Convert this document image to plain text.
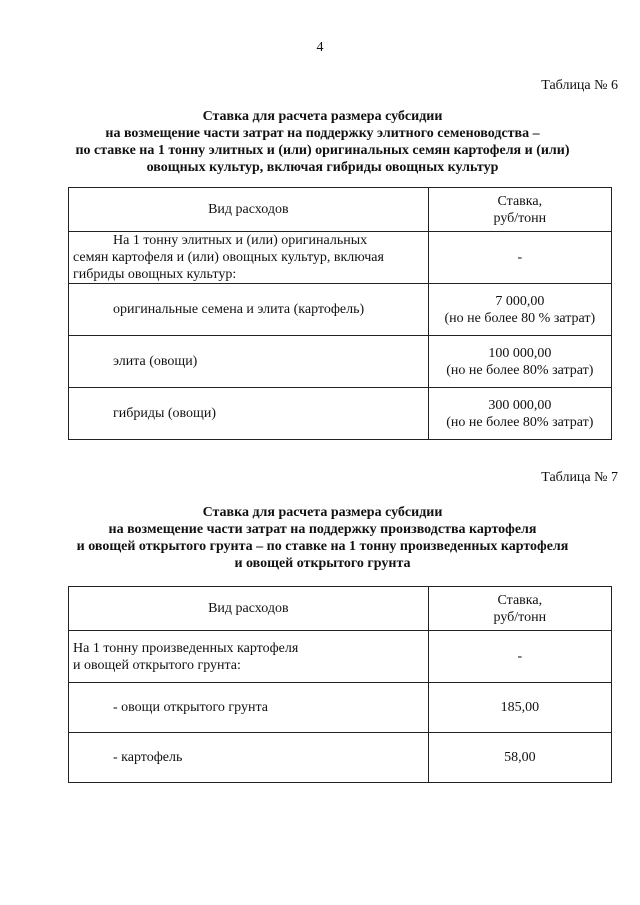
4
Таблица № 6
Ставка для расчета размера субсидии
на возмещение части затрат на поддержку элитного семеноводства –
по ставке на 1 тонну элитных и (или) оригинальных семян картофеля и (или)
овощных культур, включая гибриды овощных культур
Вид расходов	Ставка,
руб/тонн

На 1 тонну элитных и (или) оригинальных
семян картофеля и (или) овощных культур, включая
гибриды овощных культур:	-
оригинальные семена и элита (картофель)	7 000,00
(но не более 80 % затрат)

элита (овощи)	100 000,00
(но не более 80% затрат)

гибриды (овощи)	300 000,00
(но не более 80% затрат)
Таблица № 7
Ставка для расчета размера субсидии
на возмещение части затрат на поддержку производства картофеля
и овощей открытого грунта – по ставке на 1 тонну произведенных картофеля
и овощей открытого грунта
Вид расходов	Ставка,
руб/тонн

На 1 тонну произведенных картофеля
и овощей открытого грунта:	-
- овощи открытого грунта	185,00
- картофель	58,00
